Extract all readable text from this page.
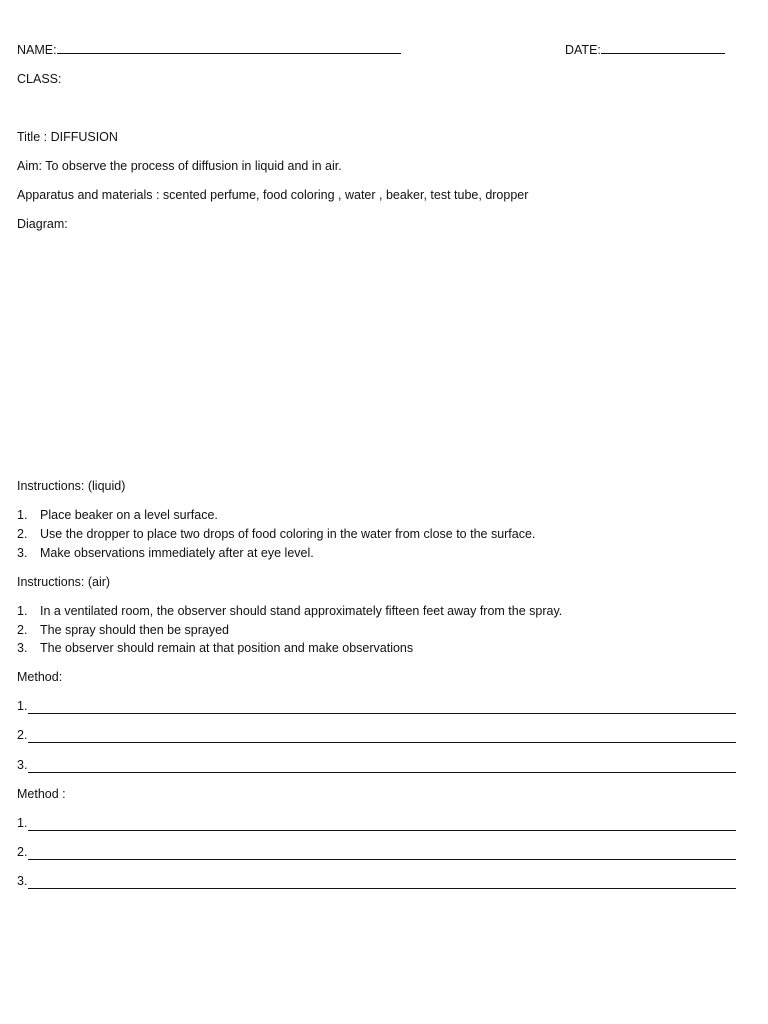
NAME:	DATE:
CLASS:
Title : DIFFUSION
Aim: To observe the process of diffusion in liquid and in air.
Apparatus and materials : scented perfume, food coloring , water , beaker, test tube, dropper
Diagram:
Instructions: (liquid)
1. Place beaker on a level surface.
2. Use the dropper to place two drops of food coloring in the water from close to the surface.
3. Make observations immediately after at eye level.
Instructions: (air)
1. In a ventilated room, the observer should stand approximately fifteen feet away from the spray.
2. The spray should then be sprayed
3. The observer should remain at that position and make observations
Method:
1.
2.
3.
Method :
1.
2.
3.
